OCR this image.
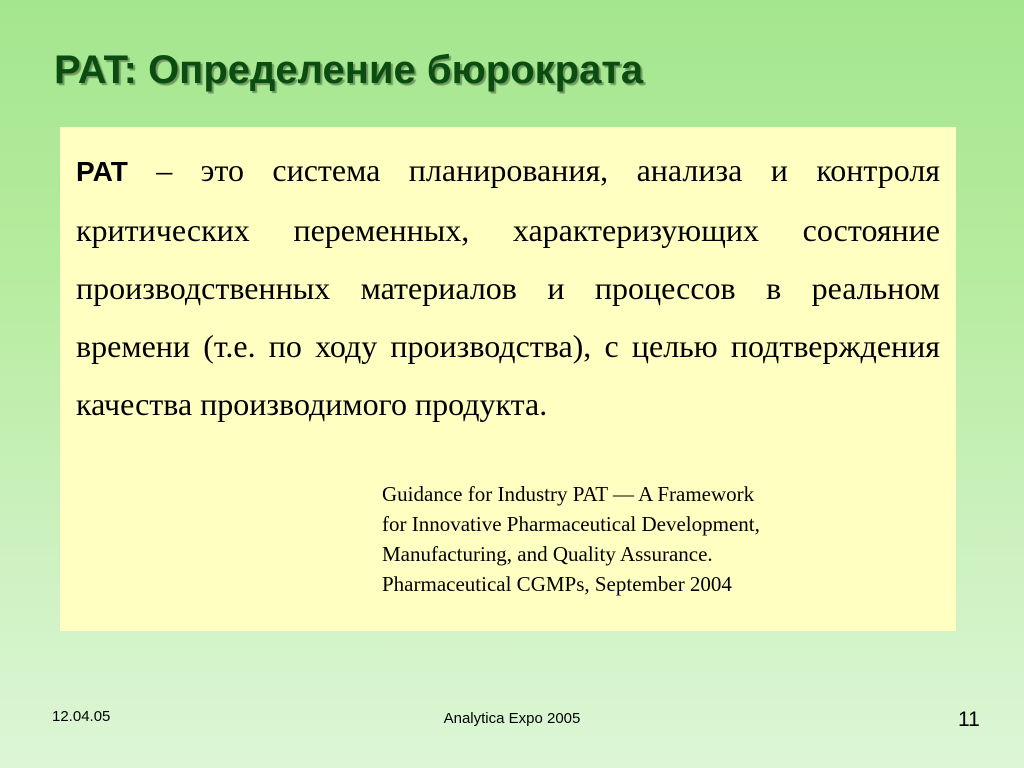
PAT: Определение бюрократа

PAT – это система планирования, анализа и контроля критических переменных, характеризующих состояние производственных материалов и процессов в реальном времени (т.е. по ходу производства), с целью подтверждения качества производимого продукта.

Guidance for Industry PAT — A Framework
for Innovative Pharmaceutical Development,
Manufacturing, and Quality Assurance.
Pharmaceutical CGMPs, September 2004

12.04.05	Analytica Expo 2005	11
